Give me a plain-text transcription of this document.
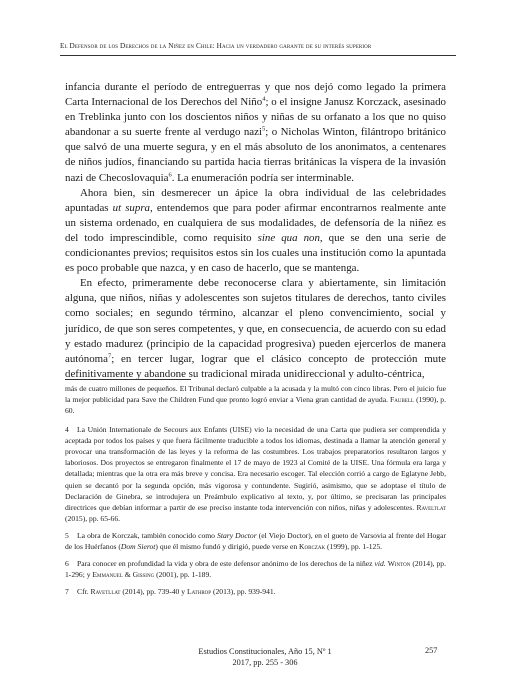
El Defensor de los Derechos de la Niñez en Chile: Hacia un verdadero garante de su interés superior

infancia durante el período de entreguerras y que nos dejó como legado la primera Carta Internacional de los Derechos del Niño$^4$; o el insigne Janusz Korczack, asesinado en Treblinka junto con los doscientos niños y niñas de su orfanato a los que no quiso abandonar a su suerte frente al verdugo nazi$^5$; o Nicholas Winton, filántropo británico que salvó de una muerte segura, y en el más absoluto de los anonimatos, a centenares de niños judíos, financiando su partida hacia tierras británicas la víspera de la invasión nazi de Checoslovaquia$^6$. La enumeración podría ser interminable.

Ahora bien, sin desmerecer un ápice la obra individual de las celebridades apuntadas ut supra, entendemos que para poder afirmar encontrarnos realmente ante un sistema ordenado, en cualquiera de sus modalidades, de defensoría de la niñez es del todo imprescindible, como requisito sine qua non, que se den una serie de condicionantes previos; requisitos estos sin los cuales una institución como la apuntada es poco probable que nazca, y en caso de hacerlo, que se mantenga.

En efecto, primeramente debe reconocerse clara y abiertamente, sin limitación alguna, que niños, niñas y adolescentes son sujetos titulares de derechos, tanto civiles como sociales; en segundo término, alcanzar el pleno convencimiento, social y jurídico, de que son seres competentes, y que, en consecuencia, de acuerdo con su edad y estado madurez (principio de la capacidad progresiva) pueden ejercerlos de manera autónoma$^7$; en tercer lugar, lograr que el clásico concepto de protección mute definitivamente y abandone su tradicional mirada unidireccional y adulto-céntrica,

más de cuatro millones de pequeños. El Tribunal declaró culpable a la acusada y la multó con cinco libras. Pero el juicio fue la mejor publicidad para Save the Children Fund que pronto logró enviar a Viena gran cantidad de ayuda. Faubell (1990), p. 60.

4 La Unión Internationale de Secours aux Enfants (UISE) vio la necesidad de una Carta que pudiera ser comprendida y aceptada por todos los países y que fuera fácilmente traducible a todos los idiomas, destinada a llamar la atención general y provocar una transformación de las leyes y la reforma de las costumbres. Los trabajos preparatorios resultaron largos y laboriosos. Dos proyectos se entregaron finalmente el 17 de mayo de 1923 al Comité de la UISE. Una fórmula era larga y detallada; mientras que la otra era más breve y concisa. Era necesario escoger. Tal elección corrió a cargo de Eglatyne Jebb, quien se decantó por la segunda opción, más vigorosa y contundente. Sugirió, asimismo, que se adoptase el título de Declaración de Ginebra, se introdujera un Preámbulo explicativo al texto, y, por último, se precisaran las principales directrices que debían informar a partir de ese preciso instante toda intervención con niños, niñas y adolescentes. Raveltlat (2015), pp. 65-66.

5 La obra de Korczak, también conocido como Stary Doctor (el Viejo Doctor), en el gueto de Varsovia al frente del Hogar de los Huérfanos (Dom Sierot) que él mismo fundó y dirigió, puede verse en Korczak (1999), pp. 1-125.

6 Para conocer en profundidad la vida y obra de este defensor anónimo de los derechos de la niñez vid. Winton (2014), pp. 1-296; y Emmanuel & Gissing (2001), pp. 1-189.

7 Cfr. Ravetllat (2014), pp. 739-40 y Lathrop (2013), pp. 939-941.

Estudios Constitucionales, Año 15, Nº 1
2017, pp. 255 - 306
257
